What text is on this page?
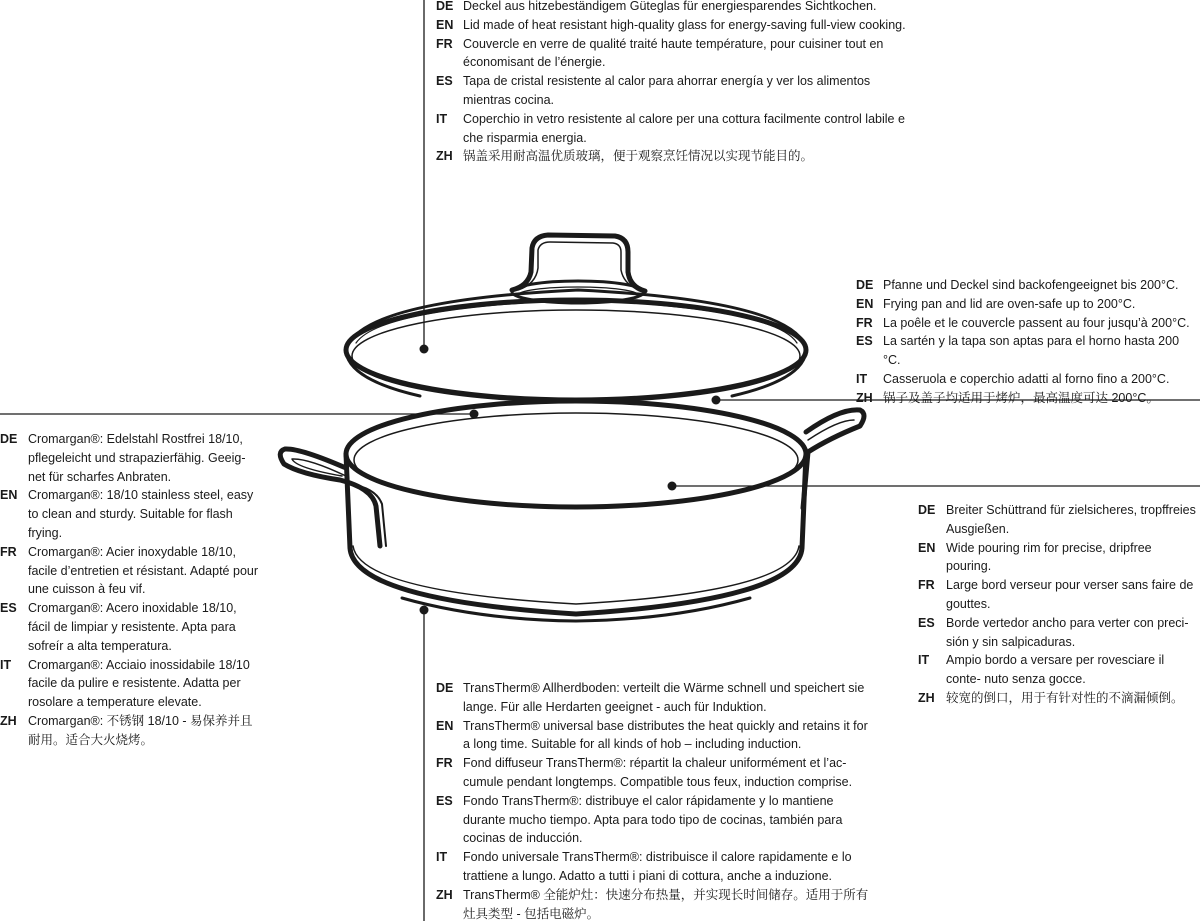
DE Deckel aus hitzebeständigem Güteglas für energiesparendes Sichtkochen.
EN Lid made of heat resistant high-quality glass for energy-saving full-view cooking.
FR Couvercle en verre de qualité traité haute température, pour cuisiner tout en économisant de l’énergie.
ES Tapa de cristal resistente al calor para ahorrar energía y ver los alimentos mientras cocina.
IT	Coperchio in vetro resistente al calore per una cottura facilmente control labile e che risparmia energia.
ZH 锅盖采用耐高温优质玻璃，便于观察烹饪情况以实现节能目的。
DE Pfanne und Deckel sind backofengeeignet bis 200°C.
EN Frying pan and lid are oven-safe up to 200°C.
FR La poêle et le couvercle passent au four jusqu’à 200°C.
ES La sartén y la tapa son aptas para el horno hasta 200 °C.
IT	Casseruola e coperchio adatti al forno fino a 200°C.
ZH 锅子及盖子均适用于烤炉，最高温度可达 200°C。
DE Cromargan®: Edelstahl Rostfrei 18/10, pflegeleicht und strapazierfähig. Geeig- net für scharfes Anbraten.
EN Cromargan®: 18/10 stainless steel, easy to clean and sturdy. Suitable for flash frying.
FR Cromargan®: Acier inoxydable 18/10, facile d’entretien et résistant. Adapté pour une cuisson à feu vif.
ES Cromargan®: Acero inoxidable 18/10, fácil de limpiar y resistente. Apta para sofreír a alta temperatura.
IT	Cromargan®: Acciaio inossidabile 18/10 facile da pulire e resistente. Adatta per rosolare a temperature elevate.
ZH Cromargan®: 不锈钢 18/10 - 易保养并且耐用。适合大火烧烤。
DE Breiter Schüttrand für zielsicheres, tropffreies Ausgießen.
EN Wide pouring rim for precise, dripfree pouring.
FR Large bord verseur pour verser sans faire de gouttes.
ES Borde vertedor ancho para verter con preci- sión y sin salpicaduras.
IT	Ampio bordo a versare per rovesciare il conte- nuto senza gocce.
ZH 较宽的倒口，用于有针对性的不滴漏倾倒。
DE TransTherm® Allherdboden: verteilt die Wärme schnell und speichert sie lange. Für alle Herdarten geeignet - auch für Induktion.
EN TransTherm® universal base distributes the heat quickly and retains it for a long time. Suitable for all kinds of hob – including induction.
FR Fond diffuseur TransTherm®: répartit la chaleur uniformément et l’ac- cumule pendant longtemps. Compatible tous feux, induction comprise.
ES Fondo TransTherm®: distribuye el calor rápidamente y lo mantiene durante mucho tiempo. Apta para todo tipo de cocinas, también para cocinas de inducción.
IT	Fondo universale TransTherm®: distribuisce il calore rapidamente e lo trattiene a lungo. Adatto a tutti i piani di cottura, anche a induzione.
ZH TransTherm® 全能炉灶：快速分布热量，并实现长时间储存。适用于所有灶具类型 - 包括电磁炉。
